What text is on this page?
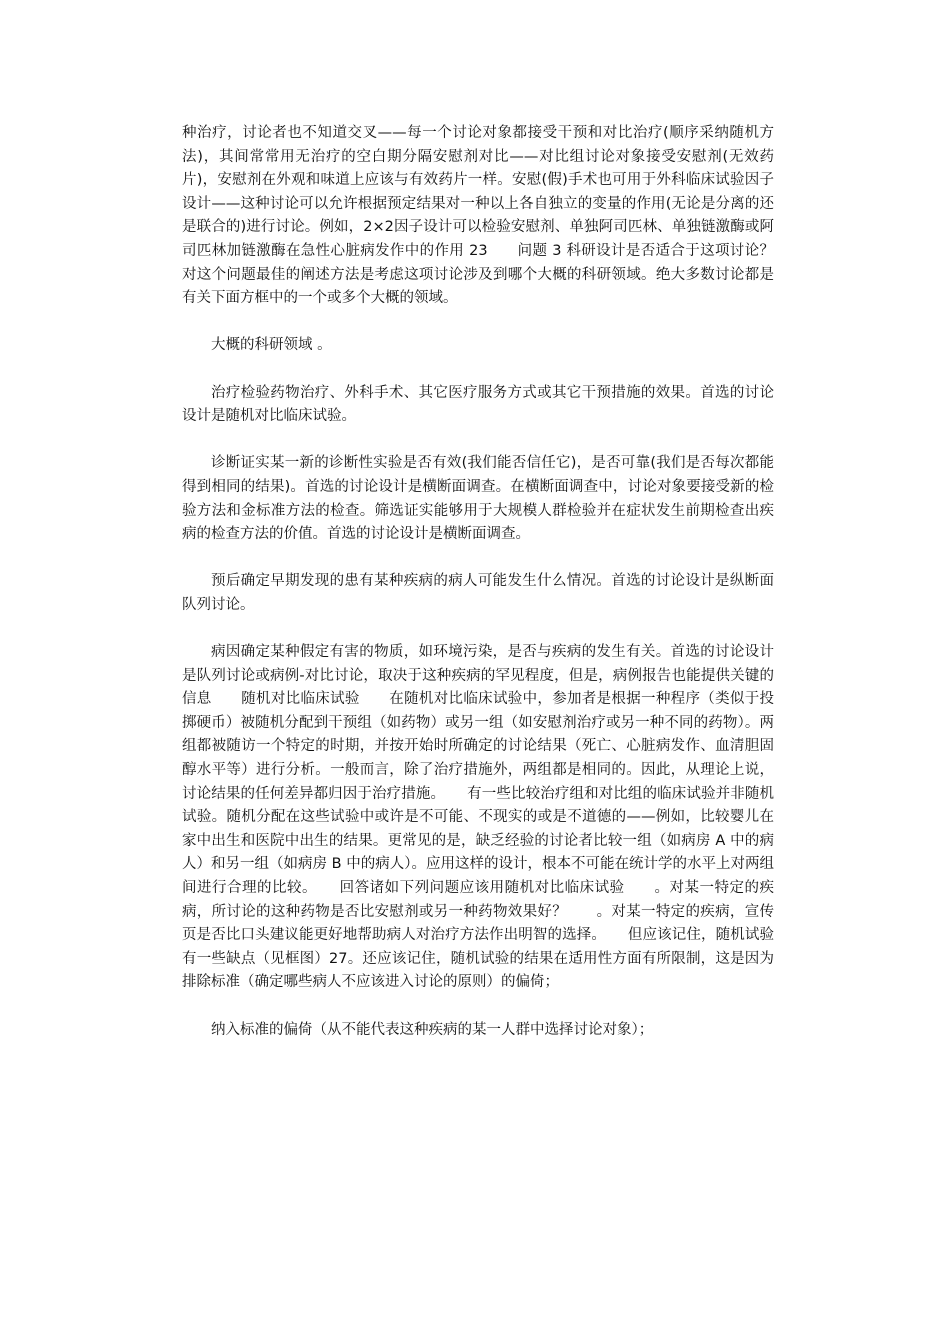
种治疗，讨论者也不知道交叉——每一个讨论对象都接受干预和对比治疗(顺序采纳随机方法)，其间常常用无治疗的空白期分隔安慰剂对比——对比组讨论对象接受安慰剂(无效药片)，安慰剂在外观和味道上应该与有效药片一样。安慰(假)手术也可用于外科临床试验因子设计——这种讨论可以允许根据预定结果对一种以上各自独立的变量的作用(无论是分离的还是联合的)进行讨论。例如，2×2因子设计可以检验安慰剂、单独阿司匹林、单独链激酶或阿司匹林加链激酶在急性心脏病发作中的作用 23　　问题 3 科研设计是否适合于这项讨论？　　对这个问题最佳的阐述方法是考虑这项讨论涉及到哪个大概的科研领域。绝大多数讨论都是有关下面方框中的一个或多个大概的领域。

大概的科研领域 。

治疗检验药物治疗、外科手术、其它医疗服务方式或其它干预措施的效果。首选的讨论设计是随机对比临床试验。

诊断证实某一新的诊断性实验是否有效(我们能否信任它)，是否可靠(我们是否每次都能得到相同的结果)。首选的讨论设计是横断面调查。在横断面调查中，讨论对象要接受新的检验方法和金标准方法的检查。筛选证实能够用于大规模人群检验并在症状发生前期检查出疾病的检查方法的价值。首选的讨论设计是横断面调查。

预后确定早期发现的患有某种疾病的病人可能发生什么情况。首选的讨论设计是纵断面队列讨论。

病因确定某种假定有害的物质，如环境污染，是否与疾病的发生有关。首选的讨论设计是队列讨论或病例-对比讨论，取决于这种疾病的罕见程度，但是，病例报告也能提供关键的信息　　随机对比临床试验　　在随机对比临床试验中，参加者是根据一种程序（类似于投掷硬币）被随机分配到干预组（如药物）或另一组（如安慰剂治疗或另一种不同的药物）。两组都被随访一个特定的时期，并按开始时所确定的讨论结果（死亡、心脏病发作、血清胆固醇水平等）进行分析。一般而言，除了治疗措施外，两组都是相同的。因此，从理论上说，讨论结果的任何差异都归因于治疗措施。　　有一些比较治疗组和对比组的临床试验并非随机试验。随机分配在这些试验中或许是不可能、不现实的或是不道德的——例如，比较婴儿在家中出生和医院中出生的结果。更常见的是，缺乏经验的讨论者比较一组（如病房 A 中的病人）和另一组（如病房 B 中的病人）。应用这样的设计，根本不可能在统计学的水平上对两组间进行合理的比较。　　回答诸如下列问题应该用随机对比临床试验　　。对某一特定的疾病，所讨论的这种药物是否比安慰剂或另一种药物效果好？　　。对某一特定的疾病，宣传页是否比口头建议能更好地帮助病人对治疗方法作出明智的选择。　　但应该记住，随机试验有一些缺点（见框图）27。还应该记住，随机试验的结果在适用性方面有所限制，这是因为排除标准（确定哪些病人不应该进入讨论的原则）的偏倚；

纳入标准的偏倚（从不能代表这种疾病的某一人群中选择讨论对象）；
